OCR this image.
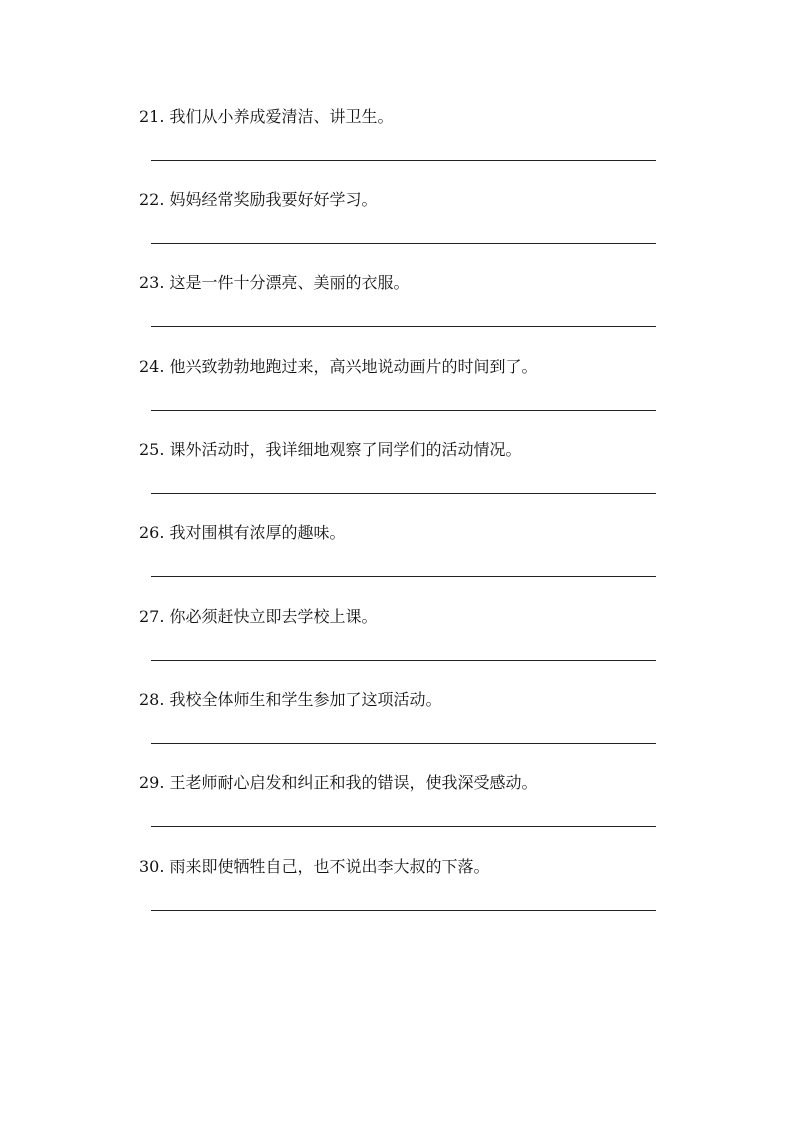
21. 我们从小养成爱清洁、讲卫生。
22. 妈妈经常奖励我要好好学习。
23. 这是一件十分漂亮、美丽的衣服。
24. 他兴致勃勃地跑过来，高兴地说动画片的时间到了。
25. 课外活动时，我详细地观察了同学们的活动情况。
26. 我对围棋有浓厚的趣味。
27. 你必须赶快立即去学校上课。
28. 我校全体师生和学生参加了这项活动。
29. 王老师耐心启发和纠正和我的错误，使我深受感动。
30. 雨来即使牺牲自己，也不说出李大叔的下落。
